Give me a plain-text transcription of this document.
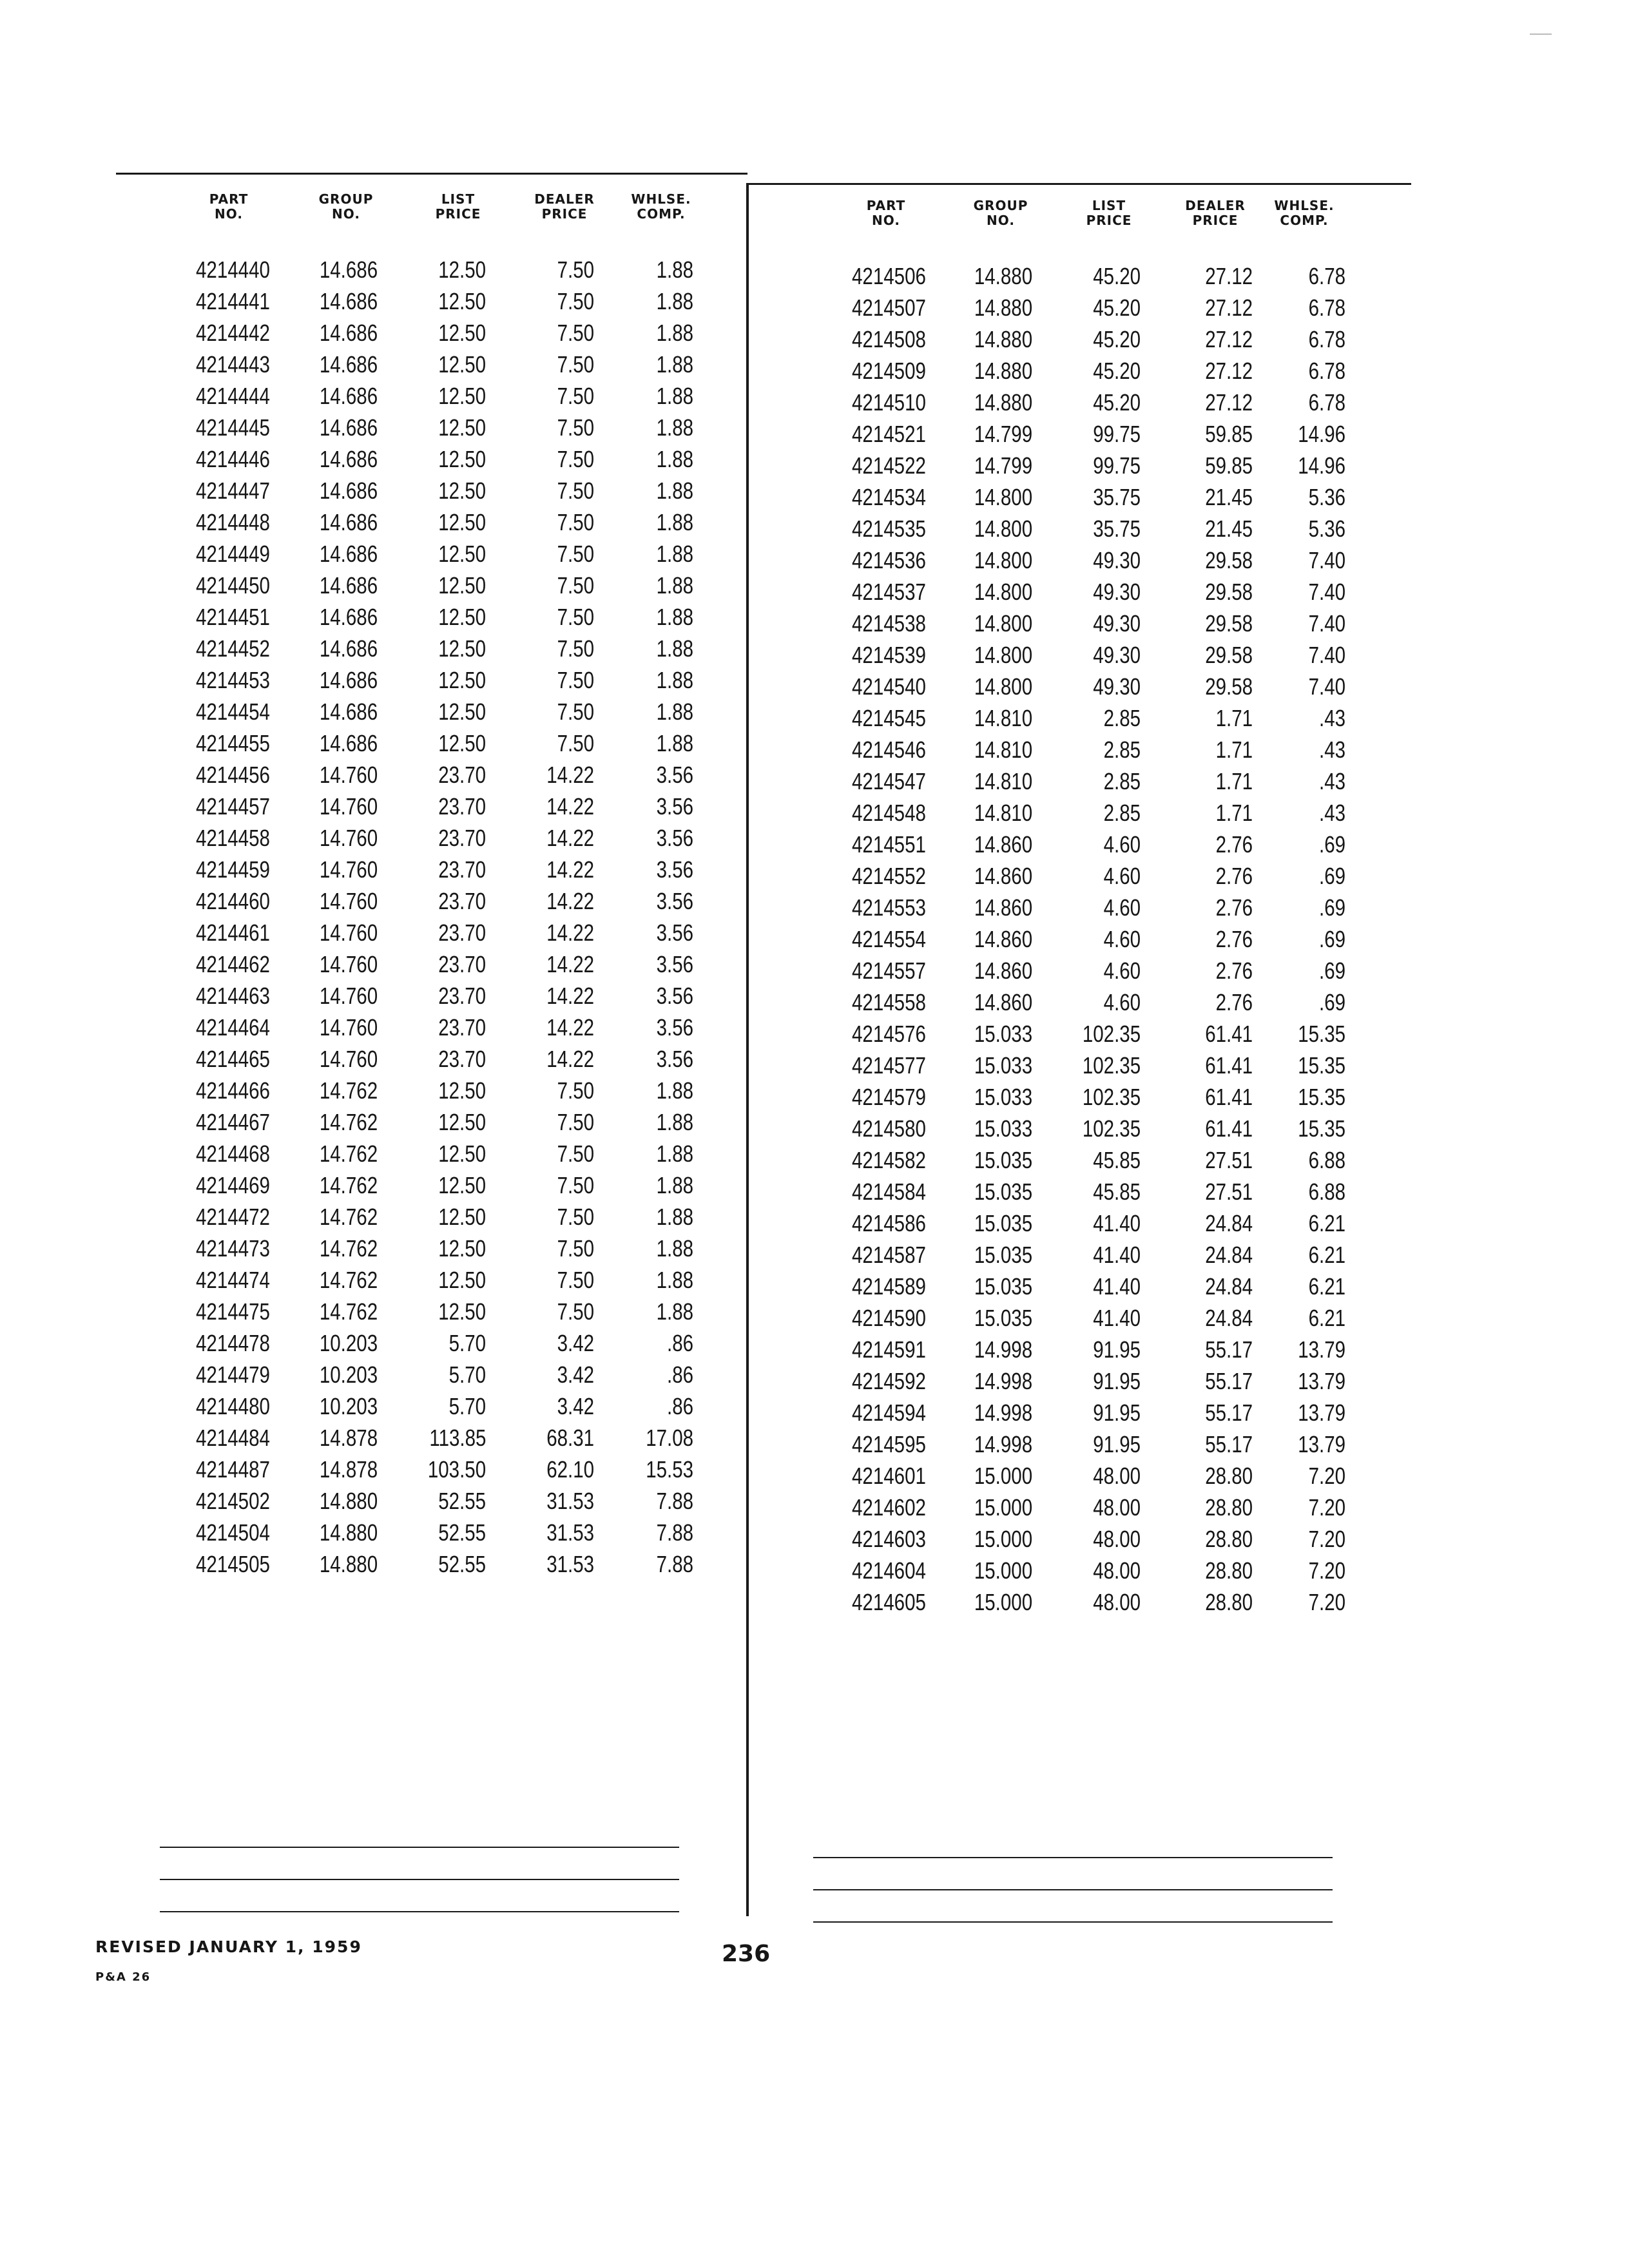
PART
NO.
GROUP
NO.
LIST
PRICE
DEALER
PRICE
WHLSE.
COMP.
4214440 14.686	12.50	7.50	1.88
4214441 14.686	12.50	7.50	1.88
4214442 14.686	12.50	7.50	1.88
4214443 14.686	12.50	7.50	1.88
4214444 14.686	12.50	7.50	1.88
4214445 14.686	12.50	7.50	1.88
4214446 14.686	12.50	7.50	1.88
4214447 14.686	12.50	7.50	1.88
4214448 14.686	12.50	7.50	1.88
4214449 14.686	12.50	7.50	1.88
4214450 14.686	12.50	7.50	1.88
4214451 14.686	12.50	7.50	1.88
4214452 14.686	12.50	7.50	1.88
4214453 14.686	12.50	7.50	1.88
4214454 14.686	12.50	7.50	1.88
4214455 14.686	12.50	7.50	1.88
4214456 14.760	23.70	14.22	3.56
4214457 14.760	23.70	14.22	3.56
4214458 14.760	23.70	14.22	3.56
4214459 14.760	23.70	14.22	3.56
4214460 14.760	23.70	14.22	3.56
4214461 14.760	23.70	14.22	3.56
4214462 14.760	23.70	14.22	3.56
4214463 14.760	23.70	14.22	3.56
4214464 14.760	23.70	14.22	3.56
4214465 14.760	23.70	14.22	3.56
4214466 14.762	12.50	7.50	1.88
4214467 14.762	12.50	7.50	1.88
4214468 14.762	12.50	7.50	1.88
4214469 14.762	12.50	7.50	1.88
4214472 14.762	12.50	7.50	1.88
4214473 14.762	12.50	7.50	1.88
4214474 14.762	12.50	7.50	1.88
4214475 14.762	12.50	7.50	1.88
4214478 10.203	5.70	3.42	.86
4214479 10.203	5.70	3.42	.86
4214480 10.203	5.70	3.42	.86
4214484 14.878 113.85	68.31 17.08
4214487 14.878 103.50	62.10 15.53
4214502 14.880	52.55	31.53	7.88
4214504 14.880	52.55	31.53	7.88
4214505 14.880	52.55	31.53	7.88
PART
NO.
GROUP
NO.
LIST
PRICE
DEALER
PRICE
WHLSE.
COMP.
4214506 14.880	45.20	27.12 6.78
4214507 14.880	45.20	27.12 6.78
4214508 14.880	45.20	27.12 6.78
4214509 14.880	45.20	27.12 6.78
4214510 14.880	45.20	27.12 6.78
4214521 14.799	99.75	59.85 14.96
4214522 14.799	99.75	59.85 14.96
4214534 14.800	35.75	21.45 5.36
4214535 14.800	35.75	21.45 5.36
4214536 14.800	49.30	29.58 7.40
4214537 14.800	49.30	29.58 7.40
4214538 14.800	49.30	29.58 7.40
4214539 14.800	49.30	29.58 7.40
4214540 14.800	49.30	29.58 7.40
4214545 14.810	2.85	1.71	.43
4214546 14.810	2.85	1.71	.43
4214547 14.810	2.85	1.71	.43
4214548 14.810	2.85	1.71	.43
4214551 14.860	4.60	2.76	.69
4214552 14.860	4.60	2.76	.69
4214553 14.860	4.60	2.76	.69
4214554 14.860	4.60	2.76	.69
4214557 14.860	4.60	2.76	.69
4214558 14.860	4.60	2.76	.69
4214576 15.033 102.35	61.41 15.35
4214577 15.033 102.35	61.41 15.35
4214579 15.033 102.35	61.41 15.35
4214580 15.033 102.35	61.41 15.35
4214582 15.035	45.85	27.51 6.88
4214584 15.035	45.85	27.51 6.88
4214586 15.035	41.40	24.84 6.21
4214587 15.035	41.40	24.84 6.21
4214589 15.035	41.40	24.84 6.21
4214590 15.035	41.40	24.84 6.21
4214591 14.998	91.95	55.17 13.79
4214592 14.998	91.95	55.17 13.79
4214594 14.998	91.95	55.17 13.79
4214595 14.998	91.95	55.17 13.79
4214601 15.000	48.00	28.80 7.20
4214602 15.000	48.00	28.80 7.20
4214603 15.000	48.00	28.80 7.20
4214604 15.000	48.00	28.80 7.20
4214605 15.000	48.00	28.80 7.20
REVISED JANUARY 1, 1959
P&A 26
236
